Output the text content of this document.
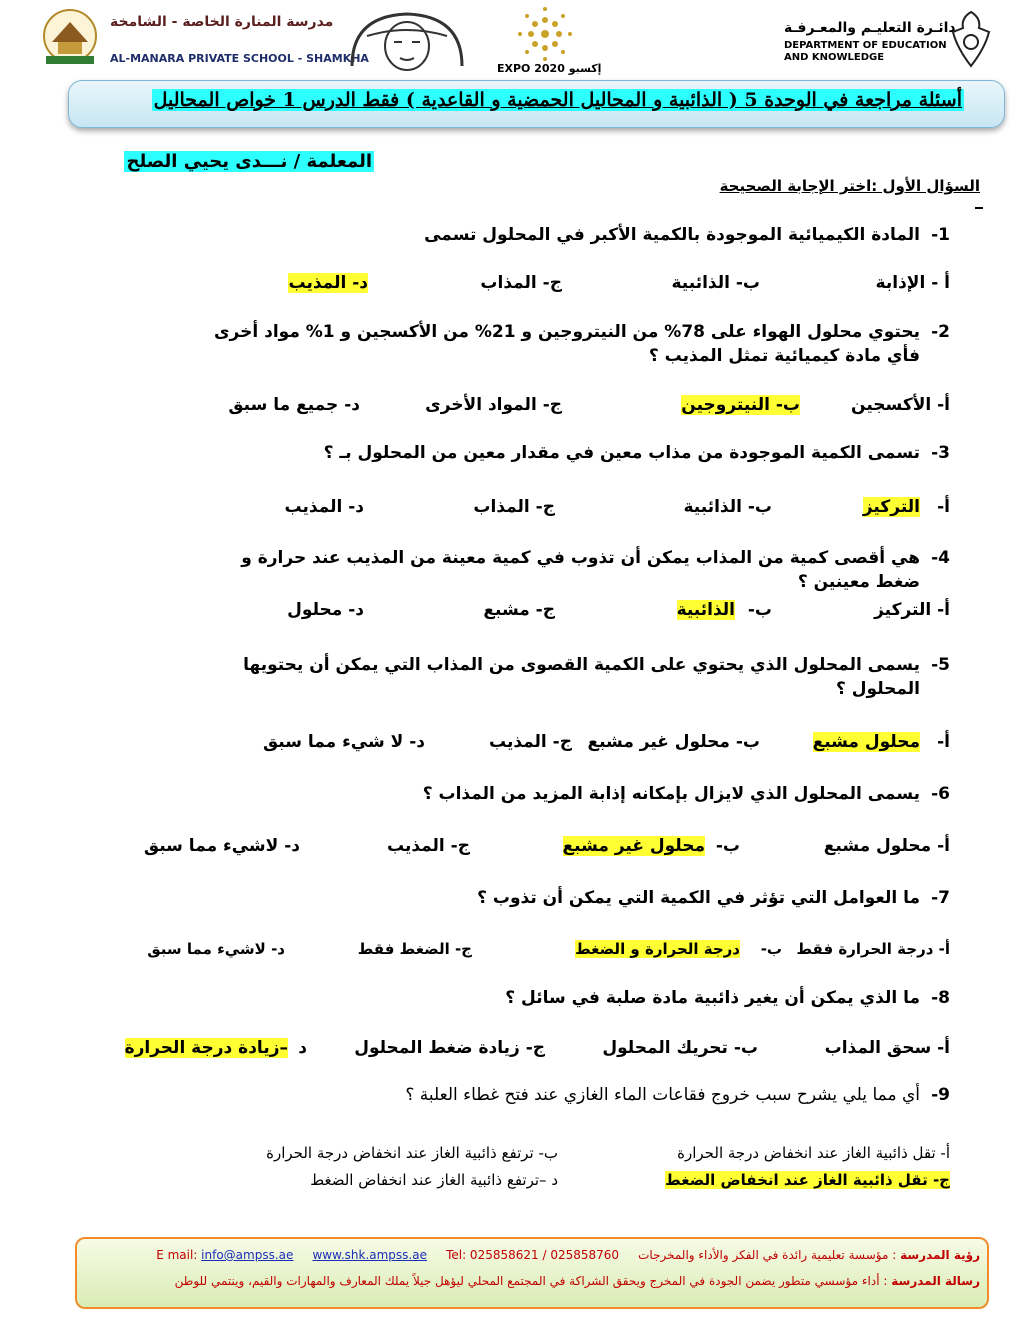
مدرسة المنارة الخاصة - الشامخة
AL-MANARA PRIVATE SCHOOL - SHAMKHA
EXPO 2020 إكسبو
دائـرة التعليـم والمعـرفـة
DEPARTMENT OF EDUCATION
AND KNOWLEDGE
أسئلة مراجعة في الوحدة 5 ( الذائبية و المحاليل الحمضية و القاعدية ) فقط الدرس 1 خواص المحاليل
المعلمة / نـــدى يحيي الصلح
السؤال الأول :اختر الإجابة الصحيحة
1-
المادة الكيميائية الموجودة بالكمية الأكبر في المحلول تسمى
أ - الإذابة
ب- الذائبية
ج- المذاب
د- المذيب
2-
يحتوي محلول الهواء على 78% من النيتروجين و 21% من الأكسجين و 1% مواد أخرى
فأي مادة كيميائية تمثل المذيب ؟
أ- الأكسجين
ب- النيتروجين
ج- المواد الأخرى
د- جميع ما سبق
3-
تسمى الكمية الموجودة من مذاب معين في مقدار معين من المحلول بـ ؟
أ-
التركيز
ب- الذائبية
ج- المذاب
د- المذيب
4-
هي أقصى كمية من المذاب يمكن أن تذوب في كمية معينة من المذيب عند حرارة و
ضغط معينين ؟
أ- التركيز
ب-
الذائبية
ج- مشبع
د- محلول
5-
يسمى المحلول الذي يحتوي على الكمية القصوى من المذاب التي يمكن أن يحتويها
المحلول ؟
أ-
محلول مشبع
ب- محلول غير مشبع
ج- المذيب
د- لا شيء مما سبق
6-
يسمى المحلول الذي لايزال بإمكانه إذابة المزيد من المذاب ؟
أ- محلول مشبع
ب-
محلول غير مشبع
ج- المذيب
د- لاشيء مما سبق
7-
ما العوامل التي تؤثر في الكمية التي يمكن أن تذوب ؟
أ- درجة الحرارة فقط
ب-
درجة الحرارة و الضغط
ج- الضغط فقط
د- لاشيء مما سبق
8-
ما الذي يمكن أن يغير ذائبية مادة صلبة في سائل ؟
أ- سحق المذاب
ب- تحريك المحلول
ج- زيادة ضغط المحلول
د
–زيادة درجة الحرارة
9-
أي مما يلي يشرح سبب خروج فقاعات الماء الغازي عند فتح غطاء العلبة ؟
أ- تقل ذائبية الغاز عند انخفاض درجة الحرارة
ب- ترتفع ذائبية الغاز عند انخفاض درجة الحرارة
ج- تقل ذائبية الغاز عند انخفاض الضغط
د –ترتفع ذائبية الغاز عند انخفاض الضغط
رؤية المدرسة : مؤسسة تعليمية رائدة في الفكر والأداء والمخرجات     Tel: 025858621 / 025858760     www.shk.ampss.ae     info@ampss.ae E mail:
رسالة المدرسة : أداء مؤسسي متطور يضمن الجودة في المخرج ويحقق الشراكة في المجتمع المحلي ليؤهل جيلاً يملك المعارف والمهارات والقيم، وينتمي للوطن
